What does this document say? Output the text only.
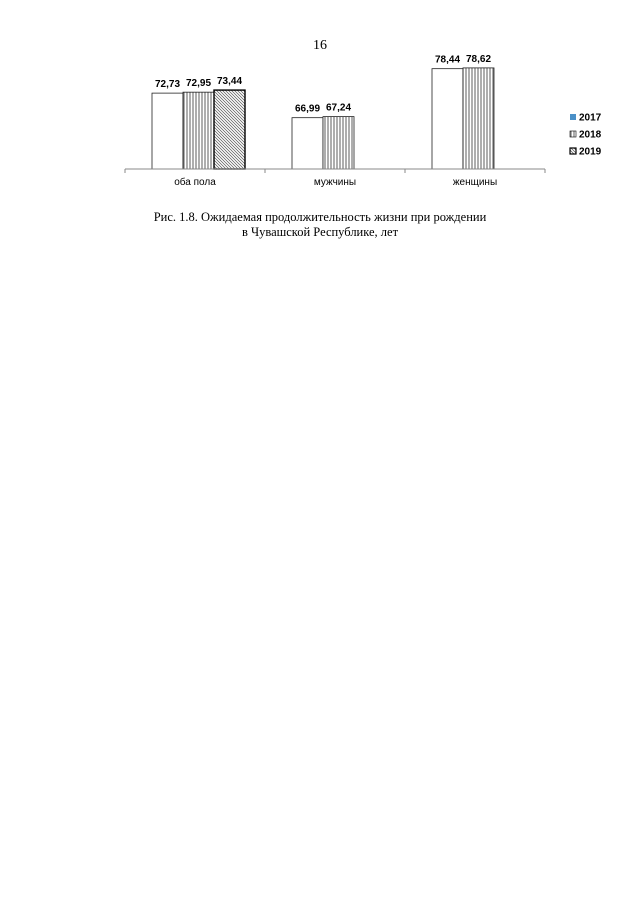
16
оба пола	мужчины	женщины
72,73 72,95 73,44
66,99 67,24
78,44 78,62
2017
2018
2019
Рис. 1.8. Ожидаемая продолжительность жизни при рождении
в Чувашской Республике, лет
